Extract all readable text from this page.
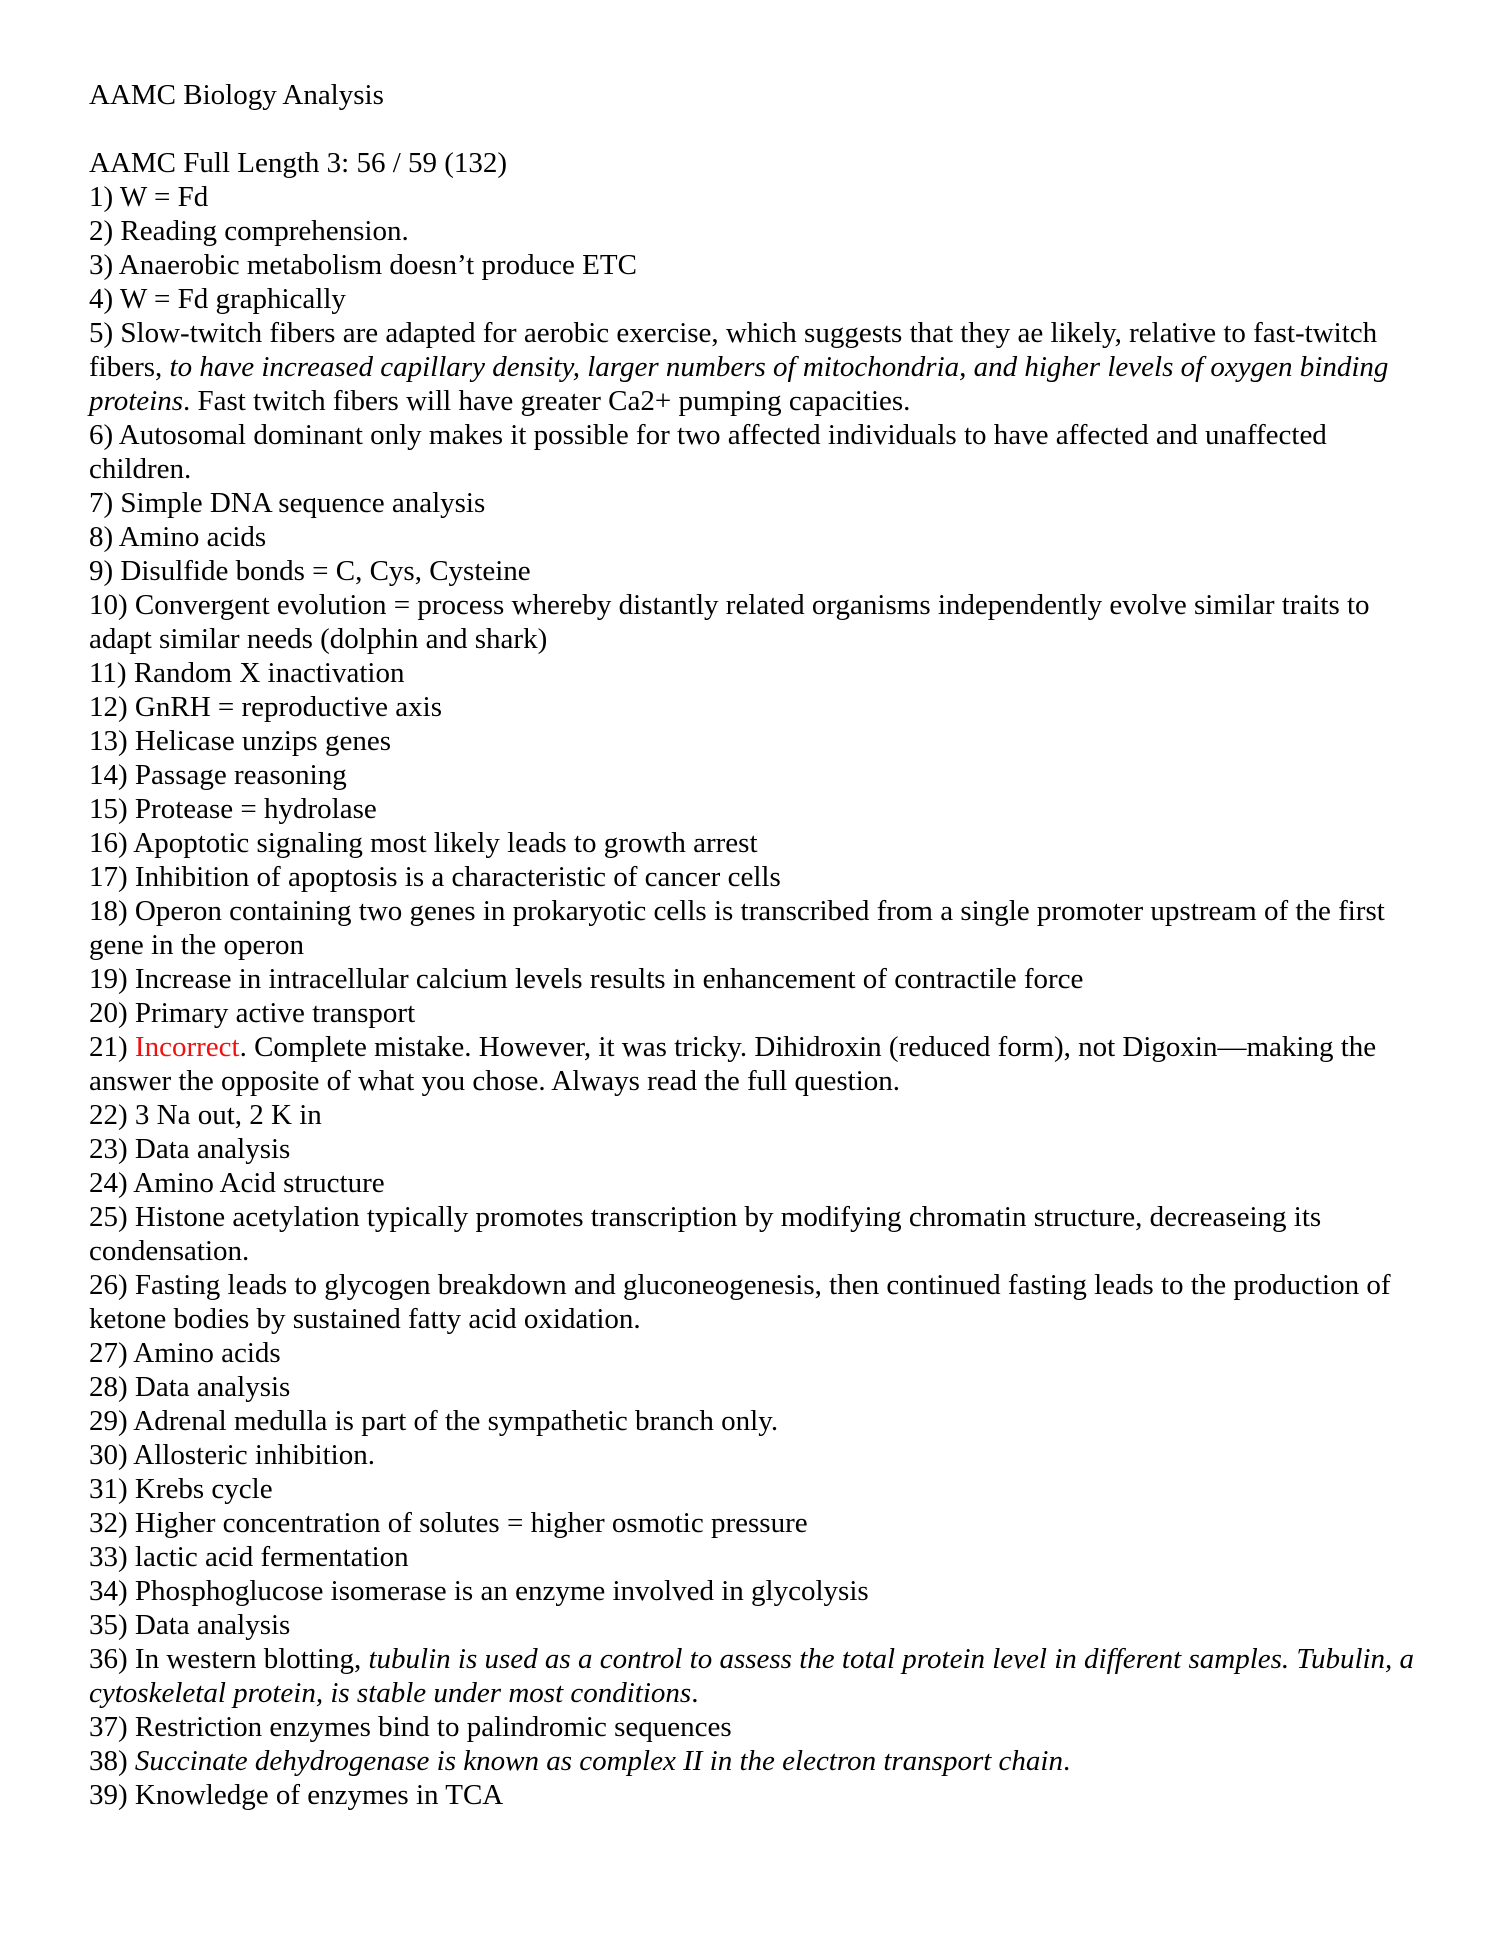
AAMC Biology Analysis

AAMC Full Length 3: 56 / 59 (132)

1) W = Fd

2) Reading comprehension.

3) Anaerobic metabolism doesn’t produce ETC

4) W = Fd graphically

5) Slow-twitch fibers are adapted for aerobic exercise, which suggests that they ae likely, relative to fast-twitch fibers, to have increased capillary density, larger numbers of mitochondria, and higher levels of oxygen binding proteins. Fast twitch fibers will have greater Ca2+ pumping capacities.

6) Autosomal dominant only makes it possible for two affected individuals to have affected and unaffected children.

7) Simple DNA sequence analysis

8) Amino acids

9) Disulfide bonds = C, Cys, Cysteine

10) Convergent evolution = process whereby distantly related organisms independently evolve similar traits to adapt similar needs (dolphin and shark)

11) Random X inactivation

12) GnRH = reproductive axis

13) Helicase unzips genes

14) Passage reasoning

15) Protease = hydrolase

16) Apoptotic signaling most likely leads to growth arrest

17) Inhibition of apoptosis is a characteristic of cancer cells

18) Operon containing two genes in prokaryotic cells is transcribed from a single promoter upstream of the first gene in the operon

19) Increase in intracellular calcium levels results in enhancement of contractile force

20) Primary active transport

21) Incorrect. Complete mistake. However, it was tricky. Dihidroxin (reduced form), not Digoxin—making the answer the opposite of what you chose. Always read the full question.

22) 3 Na out, 2 K in

23) Data analysis

24) Amino Acid structure

25) Histone acetylation typically promotes transcription by modifying chromatin structure, decreaseing its condensation.

26) Fasting leads to glycogen breakdown and gluconeogenesis, then continued fasting leads to the production of ketone bodies by sustained fatty acid oxidation.

27) Amino acids

28) Data analysis

29) Adrenal medulla is part of the sympathetic branch only.

30) Allosteric inhibition.

31) Krebs cycle

32) Higher concentration of solutes = higher osmotic pressure

33) lactic acid fermentation

34) Phosphoglucose isomerase is an enzyme involved in glycolysis

35) Data analysis

36) In western blotting, tubulin is used as a control to assess the total protein level in different samples. Tubulin, a cytoskeletal protein, is stable under most conditions.

37) Restriction enzymes bind to palindromic sequences

38) Succinate dehydrogenase is known as complex II in the electron transport chain.

39) Knowledge of enzymes in TCA
